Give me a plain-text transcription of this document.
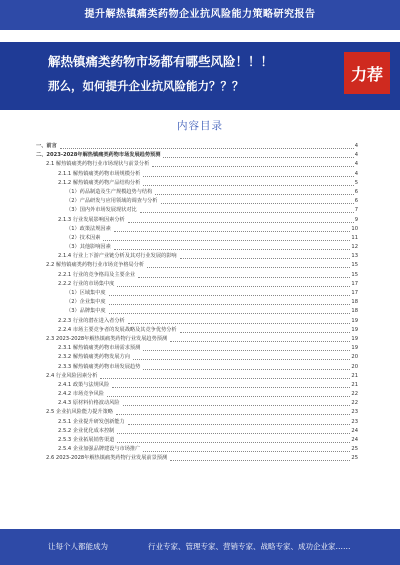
提升解热镇痛类药物企业抗风险能力策略研究报告
解热镇痛类药物市场都有哪些风险！！！
那么，如何提升企业抗风险能力？？？
力荐
内容目录
一、前言	4
二、2023-2028年解热镇痛类药物市场发展趋势预测	4
2.1 解热镇痛类药物行业市场现状与前景分析	4
2.1.1 解热镇痛类药物市场规模分析	4
2.1.2 解热镇痛类药物产品结构分析	5
（1）药品制造及生产规模趋势与结构	6
（2）产品研发与应用领域的调查与分析	6
（3）国内外市场发展现状对比	7
2.1.3 行业发展影响因素分析	9
（1）政策法规因素	10
（2）技术因素	11
（3）其他影响因素	12
2.1.4 行业上下游产业链分析及其对行业发展的影响	13
2.2 解热镇痛类药物行业市场竞争格局分析	15
2.2.1 行业的竞争格局及主要企业	15
2.2.2 行业的市场集中度	17
（1）区域集中度	17
（2）企业集中度	18
（3）品牌集中度	18
2.2.3 行业的潜在进入者分析	19
2.2.4 市场主要竞争者的发展战略及其竞争优势分析	19
2.3 2023-2028年解热镇痛类药物行业发展趋势预测	19
2.3.1 解热镇痛类药物市场需求预测	19
2.3.2 解热镇痛类药物发展方向	20
2.3.3 解热镇痛类药物市场发展趋势	20
2.4 行业风险因素分析	21
2.4.1 政策与法规风险	21
2.4.2 市场竞争风险	22
2.4.3 原材料价格波动风险	22
2.5 企业抗风险能力提升策略	23
2.5.1 企业提升研发创新能力	23
2.5.2 企业优化成本控制	24
2.5.3 企业拓展销售渠道	24
2.5.4 企业加强品牌建设与市场推广	25
2.6 2023-2028年解热镇痛类药物行业发展前景预测	25
让每个人都能成为	行业专家、管理专家、营销专家、战略专家、成功企业家……
